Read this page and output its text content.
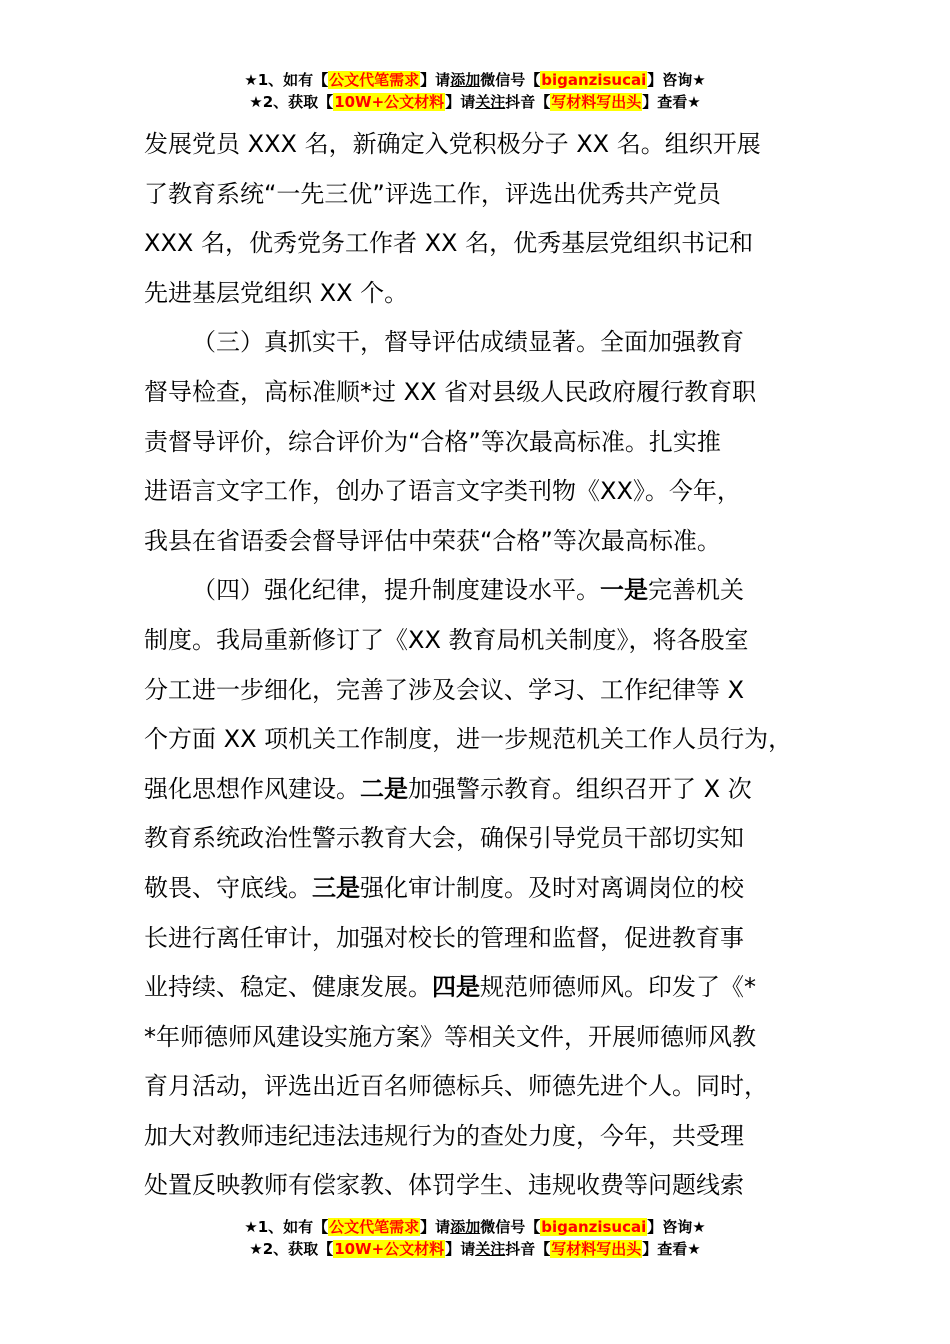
★1、如有【公文代笔需求】请添加微信号【biganzisucai】咨询★
★2、获取【10W+公文材料】请关注抖音【写材料写出头】查看★
发展党员 XXX 名，新确定入党积极分子 XX 名。组织开展
了教育系统“一先三优”评选工作，评选出优秀共产党员
XXX 名，优秀党务工作者 XX 名，优秀基层党组织书记和
先进基层党组织 XX 个。
（三）真抓实干，督导评估成绩显著。全面加强教育
督导检查，高标准顺*过 XX 省对县级人民政府履行教育职
责督导评价，综合评价为“合格”等次最高标准。扎实推
进语言文字工作，创办了语言文字类刊物《XX》。今年，
我县在省语委会督导评估中荣获“合格”等次最高标准。
（四）强化纪律，提升制度建设水平。一是完善机关
制度。我局重新修订了《XX 教育局机关制度》，将各股室
分工进一步细化，完善了涉及会议、学习、工作纪律等 X
个方面 XX 项机关工作制度，进一步规范机关工作人员行为，
强化思想作风建设。二是加强警示教育。组织召开了 X 次
教育系统政治性警示教育大会，确保引导党员干部切实知
敬畏、守底线。三是强化审计制度。及时对离调岗位的校
长进行离任审计，加强对校长的管理和监督，促进教育事
业持续、稳定、健康发展。四是规范师德师风。印发了《*
*年师德师风建设实施方案》等相关文件，开展师德师风教
育月活动，评选出近百名师德标兵、师德先进个人。同时，
加大对教师违纪违法违规行为的查处力度，今年，共受理
处置反映教师有偿家教、体罚学生、违规收费等问题线索
★1、如有【公文代笔需求】请添加微信号【biganzisucai】咨询★
★2、获取【10W+公文材料】请关注抖音【写材料写出头】查看★
